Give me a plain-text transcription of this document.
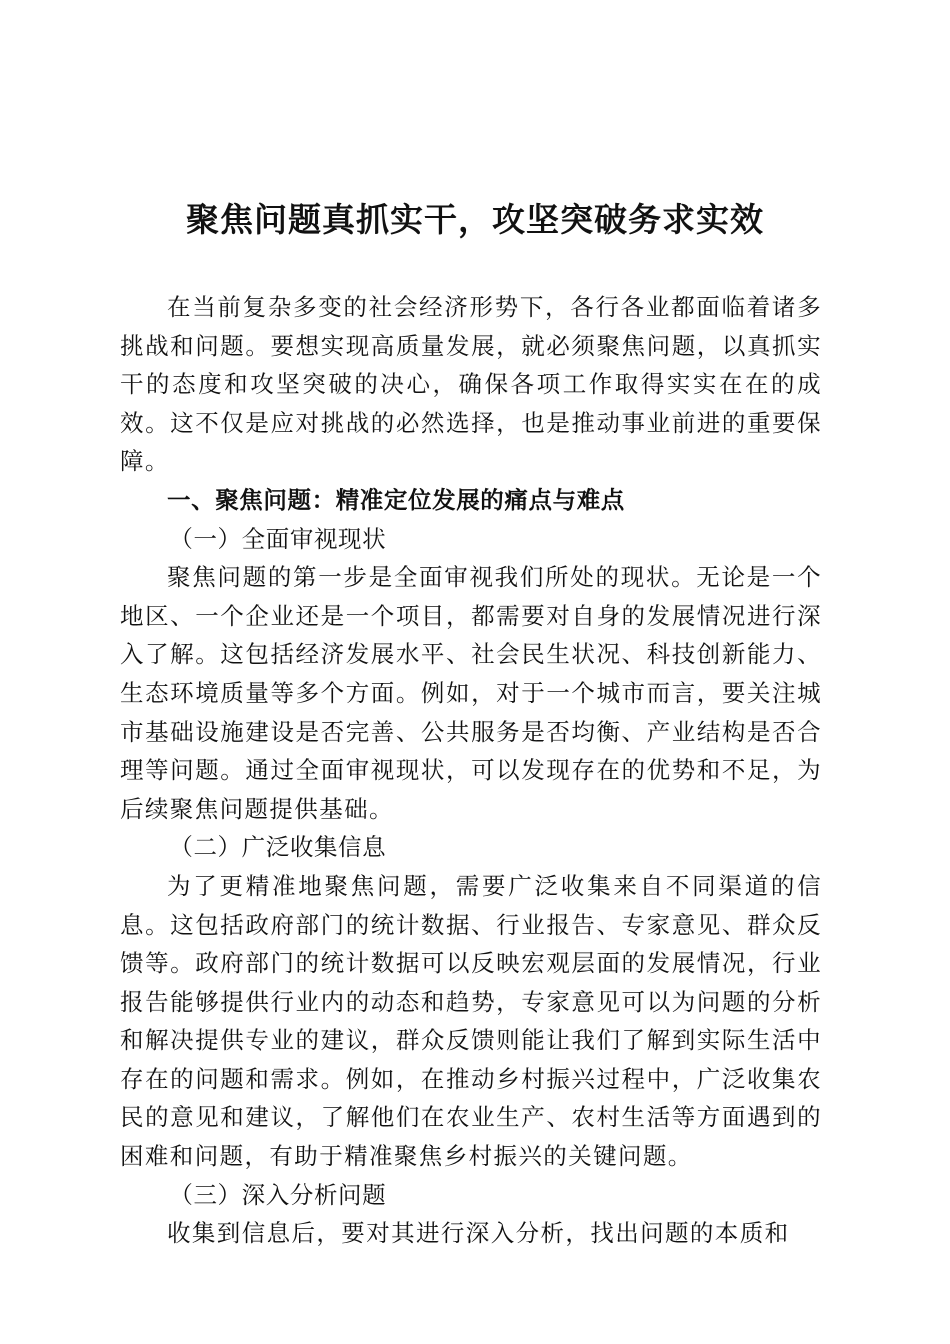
聚焦问题真抓实干，攻坚突破务求实效

在当前复杂多变的社会经济形势下，各行各业都面临着诸多挑战和问题。要想实现高质量发展，就必须聚焦问题，以真抓实干的态度和攻坚突破的决心，确保各项工作取得实实在在的成效。这不仅是应对挑战的必然选择，也是推动事业前进的重要保障。

一、聚焦问题：精准定位发展的痛点与难点

（一）全面审视现状

聚焦问题的第一步是全面审视我们所处的现状。无论是一个地区、一个企业还是一个项目，都需要对自身的发展情况进行深入了解。这包括经济发展水平、社会民生状况、科技创新能力、生态环境质量等多个方面。例如，对于一个城市而言，要关注城市基础设施建设是否完善、公共服务是否均衡、产业结构是否合理等问题。通过全面审视现状，可以发现存在的优势和不足，为后续聚焦问题提供基础。

（二）广泛收集信息

为了更精准地聚焦问题，需要广泛收集来自不同渠道的信息。这包括政府部门的统计数据、行业报告、专家意见、群众反馈等。政府部门的统计数据可以反映宏观层面的发展情况，行业报告能够提供行业内的动态和趋势，专家意见可以为问题的分析和解决提供专业的建议，群众反馈则能让我们了解到实际生活中存在的问题和需求。例如，在推动乡村振兴过程中，广泛收集农民的意见和建议，了解他们在农业生产、农村生活等方面遇到的困难和问题，有助于精准聚焦乡村振兴的关键问题。

（三）深入分析问题

收集到信息后，要对其进行深入分析，找出问题的本质和
